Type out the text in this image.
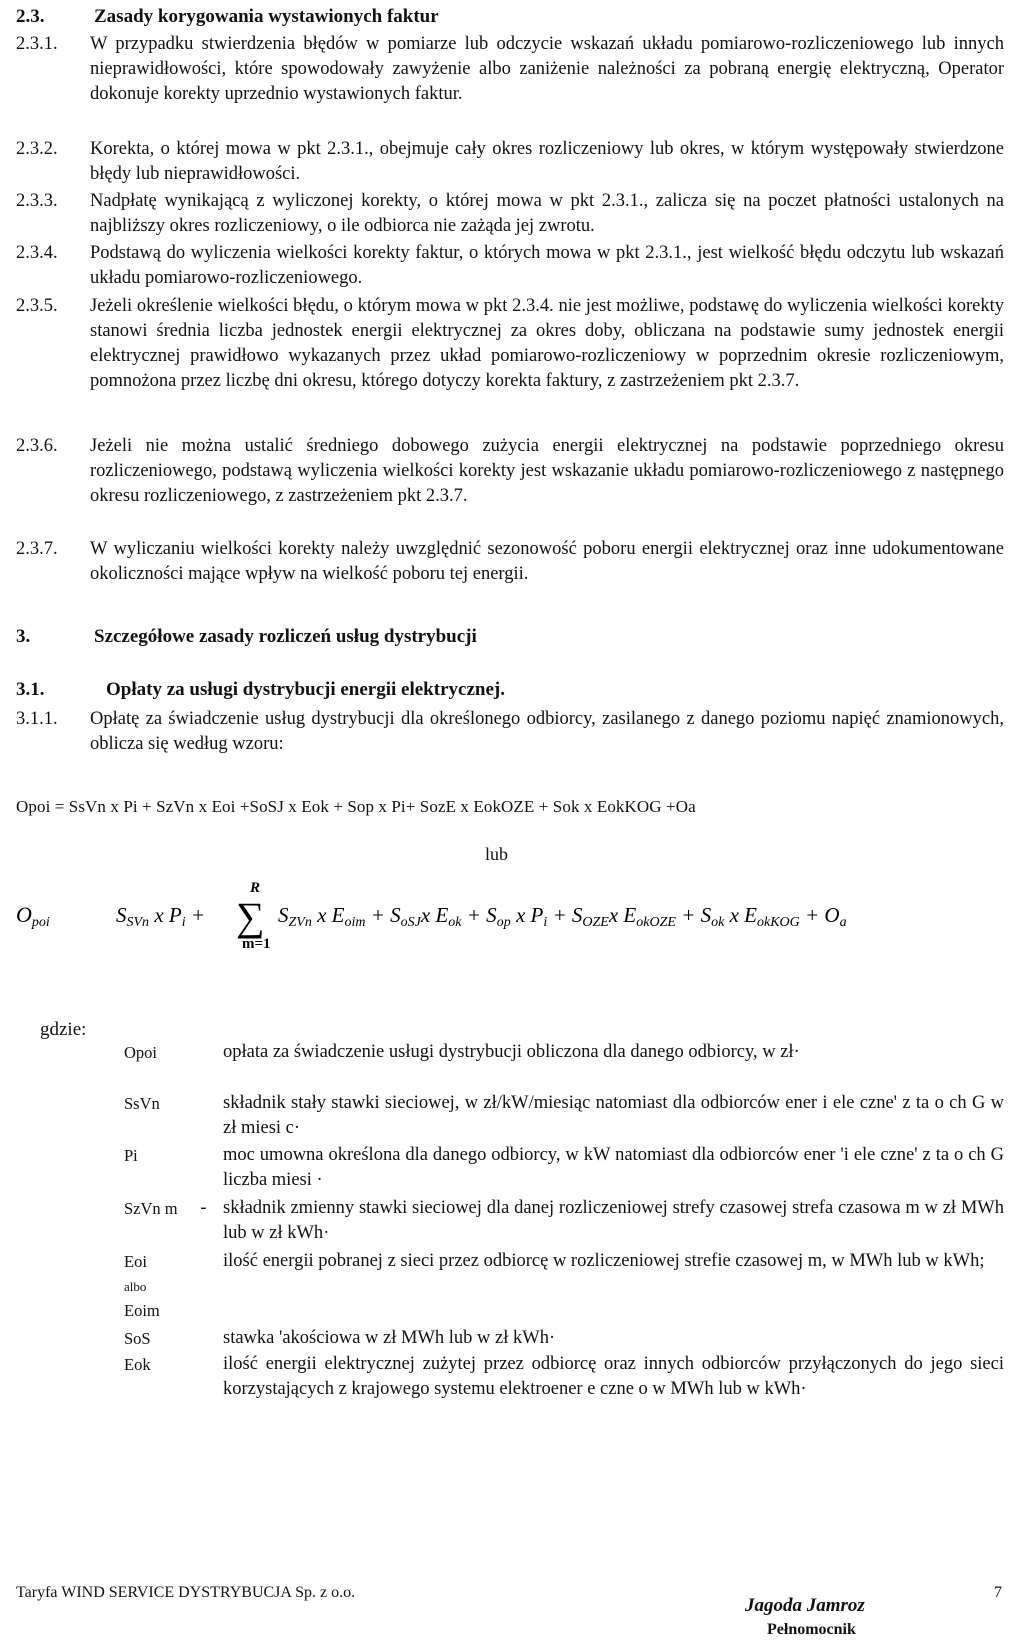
2.3.	Zasady korygowania wystawionych faktur
2.3.1.	W przypadku stwierdzenia błędów w pomiarze lub odczycie wskazań układu pomiarowo-rozliczeniowego lub innych nieprawidłowości, które spowodowały zawyżenie albo zaniżenie należności za pobraną energię elektryczną, Operator dokonuje korekty uprzednio wystawionych faktur.
2.3.2.	Korekta, o której mowa w pkt 2.3.1., obejmuje cały okres rozliczeniowy lub okres, w którym występowały stwierdzone błędy lub nieprawidłowości.
2.3.3.	Nadpłatę wynikającą z wyliczonej korekty, o której mowa w pkt 2.3.1., zalicza się na poczet płatności ustalonych na najbliższy okres rozliczeniowy, o ile odbiorca nie zażąda jej zwrotu.
2.3.4.	Podstawą do wyliczenia wielkości korekty faktur, o których mowa w pkt 2.3.1., jest wielkość błędu odczytu lub wskazań układu pomiarowo-rozliczeniowego.
2.3.5.	Jeżeli określenie wielkości błędu, o którym mowa w pkt 2.3.4. nie jest możliwe, podstawę do wyliczenia wielkości korekty stanowi średnia liczba jednostek energii elektrycznej za okres doby, obliczana na podstawie sumy jednostek energii elektrycznej prawidłowo wykazanych przez układ pomiarowo-rozliczeniowy w poprzednim okresie rozliczeniowym, pomnożona przez liczbę dni okresu, którego dotyczy korekta faktury, z zastrzeżeniem pkt 2.3.7.
2.3.6.	Jeżeli nie można ustalić średniego dobowego zużycia energii elektrycznej na podstawie poprzedniego okresu rozliczeniowego, podstawą wyliczenia wielkości korekty jest wskazanie układu pomiarowo-rozliczeniowego z następnego okresu rozliczeniowego, z zastrzeżeniem pkt 2.3.7.
2.3.7.	W wyliczaniu wielkości korekty należy uwzględnić sezonowość poboru energii elektrycznej oraz inne udokumentowane okoliczności mające wpływ na wielkość poboru tej energii.
3.	Szczegółowe zasady rozliczeń usług dystrybucji
3.1.	Opłaty za usługi dystrybucji energii elektrycznej.
3.1.1.	Opłatę za świadczenie usług dystrybucji dla określonego odbiorcy, zasilanego z danego poziomu napięć znamionowych, oblicza się według wzoru:
Opoi = SsVn x Pi + SzVn x Eoi +SoSJ x Eok + Sop x Pi+ SozE x EokOZE + Sok x EokKOG +Oa
lub
Opoi	SSVn x Pi +
R
∑
m=1
SZVn x Eoim + SoSJx Eok + Sop x Pi + SOZEx EokOZE + Sok x EokKOG + Oa
gdzie:
Opoi	opłata za świadczenie usługi dystrybucji obliczona dla danego odbiorcy, w zł·
SsVn	składnik stały stawki sieciowej, w zł/kW/miesiąc natomiast dla odbiorców ener i ele czne' z ta o ch G w zł miesi c·
Pi	moc umowna określona dla danego odbiorcy, w kW natomiast dla odbiorców ener 'i ele czne' z ta o ch G liczba miesi ·
SzVn m	- składnik zmienny stawki sieciowej dla danej rozliczeniowej strefy czasowej strefa czasowa m w zł MWh lub w zł kWh·
Eoi	ilość energii pobranej z sieci przez odbiorcę w rozliczeniowej strefie czasowej m, w MWh lub w kWh;
albo
Eoim
SoS	stawka 'akościowa w zł MWh lub w zł kWh·
Eok	ilość energii elektrycznej zużytej przez odbiorcę oraz innych odbiorców przyłączonych do jego sieci korzystających z krajowego systemu elektroener e czne o w MWh lub w kWh·
Taryfa WIND SERVICE DYSTRYBUCJA Sp. z o.o.	7
Jagoda Jamroz
Pełnomocnik
